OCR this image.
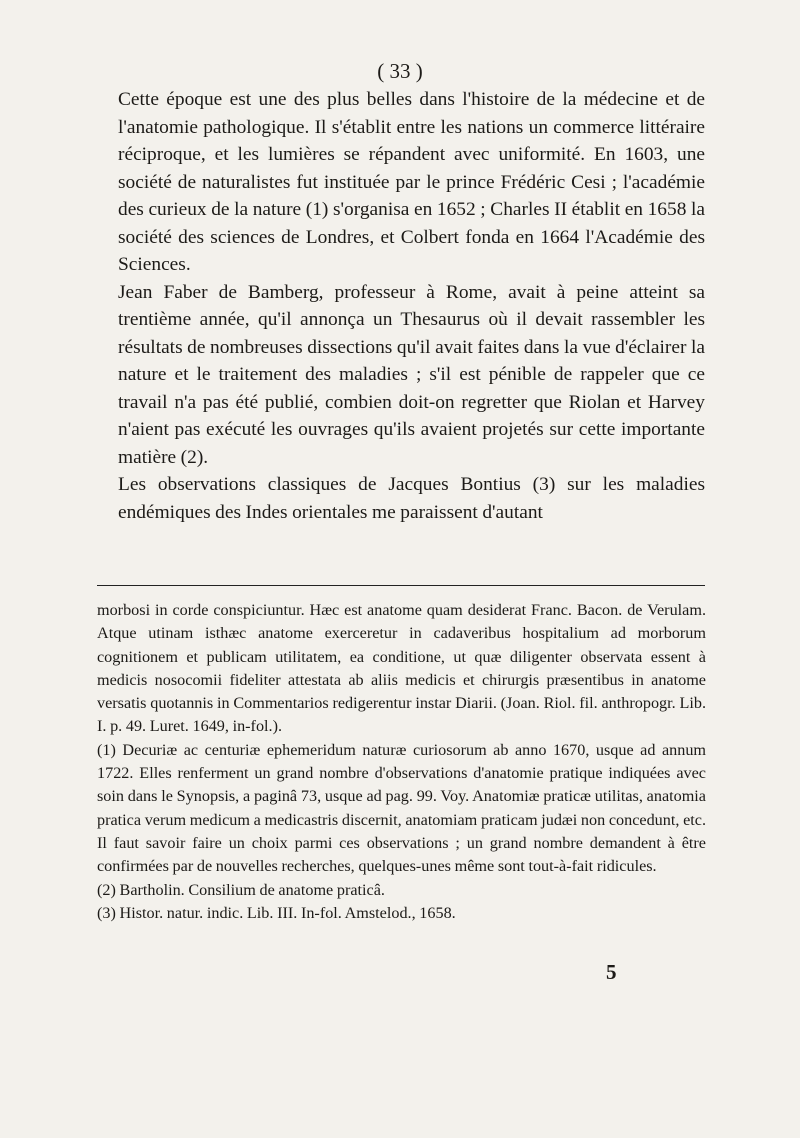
( 33 )

Cette époque est une des plus belles dans l'histoire de la médecine et de l'anatomie pathologique. Il s'établit entre les nations un commerce littéraire réciproque, et les lumières se répandent avec uniformité. En 1603, une société de naturalistes fut instituée par le prince Frédéric Cesi ; l'académie des curieux de la nature (1) s'organisa en 1652 ; Charles II établit en 1658 la société des sciences de Londres, et Colbert fonda en 1664 l'Académie des Sciences.

Jean Faber de Bamberg, professeur à Rome, avait à peine atteint sa trentième année, qu'il annonça un Thesaurus où il devait rassembler les résultats de nombreuses dissections qu'il avait faites dans la vue d'éclairer la nature et le traitement des maladies ; s'il est pénible de rappeler que ce travail n'a pas été publié, combien doit-on regretter que Riolan et Harvey n'aient pas exécuté les ouvrages qu'ils avaient projetés sur cette importante matière (2).

Les observations classiques de Jacques Bontius (3) sur les maladies endémiques des Indes orientales me paraissent d'autant

morbosi in corde conspiciuntur. Hæc est anatome quam desiderat Franc. Bacon. de Verulam. Atque utinam isthæc anatome exerceretur in cadaveribus hospitalium ad morborum cognitionem et publicam utilitatem, ea conditione, ut quæ diligenter observata essent à medicis nosocomii fideliter attestata ab aliis medicis et chirurgis præsentibus in anatome versatis quotannis in Commentarios redigerentur instar Diarii. (Joan. Riol. fil. anthropogr. Lib. I. p. 49. Luret. 1649, in-fol.).

(1) Decuriæ ac centuriæ ephemeridum naturæ curiosorum ab anno 1670, usque ad annum 1722. Elles renferment un grand nombre d'observations d'anatomie pratique indiquées avec soin dans le Synopsis, a paginâ 73, usque ad pag. 99. Voy. Anatomiæ praticæ utilitas, anatomia pratica verum medicum a medicastris discernit, anatomiam praticam judæi non concedunt, etc. Il faut savoir faire un choix parmi ces observations ; un grand nombre demandent à être confirmées par de nouvelles recherches, quelques-unes même sont tout-à-fait ridicules.

(2) Bartholin. Consilium de anatome praticâ.

(3) Histor. natur. indic. Lib. III. In-fol. Amstelod., 1658.

5
